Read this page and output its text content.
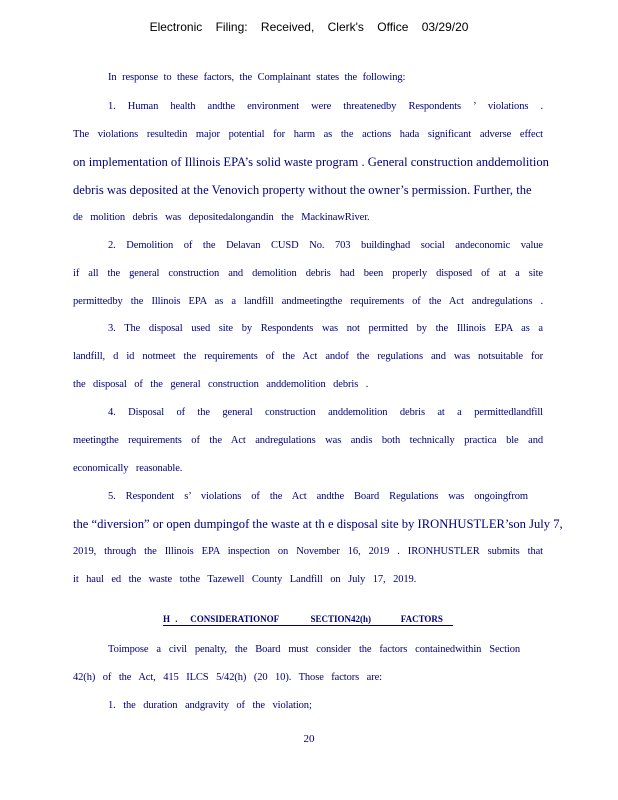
Electronic Filing: Received, Clerk's Office 03/29/20
In response to these factors, the Complainant states the following:
1. Human health andthe environment were threatenedby Respondents ’ violations .
The violations resultedin major potential for harm as the actions hada significant adverse effect
on implementation of Illinois EPA’s solid waste program . General construction anddemolition
debris was deposited at the Venovich property without the owner’s permission. Further, the
de molition debris was depositedalongandin the MackinawRiver.
2. Demolition of the Delavan CUSD No. 703 buildinghad social andeconomic value
if all the general construction and demolition debris had been properly disposed of at a site
permittedby the Illinois EPA as a landfill andmeetingthe requirements of the Act andregulations .
3. The disposal used site by Respondents was not permitted by the Illinois EPA as a
landfill, d id notmeet the requirements of the Act andof the regulations and was notsuitable for
the disposal of the general construction anddemolition debris .
4. Disposal of the general construction anddemolition debris at a permittedlandfill
meetingthe requirements of the Act andregulations was andis both technically practica ble and
economically reasonable.
5. Respondent s’ violations of the Act andthe Board Regulations was ongoingfrom
the “diversion” or open dumpingof the waste at th e disposal site by IRONHUSTLER’son July 7,
2019, through the Illinois EPA inspection on November 16, 2019 . IRONHUSTLER submits that
it haul ed the waste tothe Tazewell County Landfill on July 17, 2019.
H . CONSIDERATIONOF	SECTION42(h)	FACTORS
Toimpose a civil penalty, the Board must consider the factors containedwithin Section
42(h) of the Act, 415 ILCS 5/42(h) (20 10). Those factors are:
1. the duration andgravity of the violation;
20
